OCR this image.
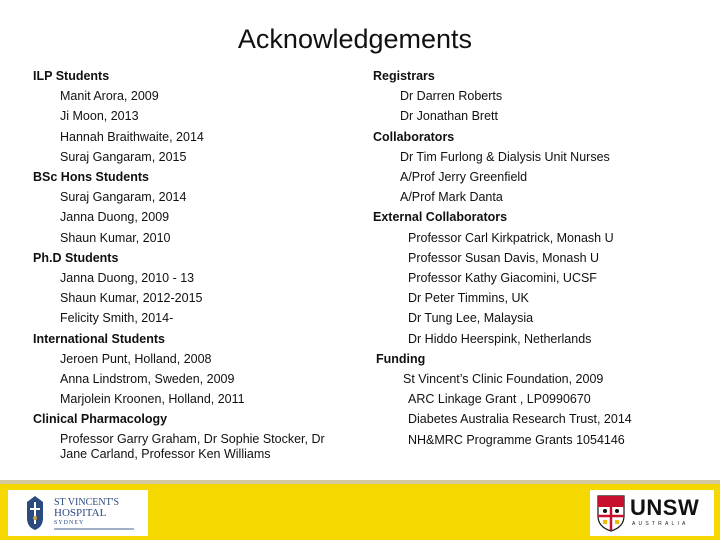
Acknowledgements
ILP Students
Manit Arora, 2009
Ji Moon, 2013
Hannah Braithwaite, 2014
Suraj Gangaram, 2015
BSc Hons Students
Suraj Gangaram, 2014
Janna Duong, 2009
Shaun Kumar, 2010
Ph.D Students
Janna Duong, 2010 - 13
Shaun Kumar, 2012-2015
Felicity Smith, 2014-
International Students
Jeroen Punt, Holland, 2008
Anna Lindstrom, Sweden, 2009
Marjolein Kroonen, Holland, 2011
Clinical Pharmacology
Professor Garry Graham, Dr Sophie Stocker, Dr Jane Carland, Professor Ken Williams
Registrars
Dr Darren Roberts
Dr Jonathan Brett
Collaborators
Dr Tim Furlong & Dialysis Unit Nurses
A/Prof Jerry Greenfield
A/Prof Mark Danta
External Collaborators
Professor Carl Kirkpatrick, Monash U
Professor Susan Davis, Monash U
Professor Kathy Giacomini, UCSF
Dr Peter Timmins, UK
Dr Tung Lee, Malaysia
Dr Hiddo Heerspink, Netherlands
Funding
St Vincent’s Clinic Foundation, 2009
ARC Linkage Grant , LP0990670
Diabetes Australia Research Trust, 2014
NH&MRC Programme Grants 1054146
ST VINCENT'S
HOSPITAL
SYDNEY
UNSW
AUSTRALIA
